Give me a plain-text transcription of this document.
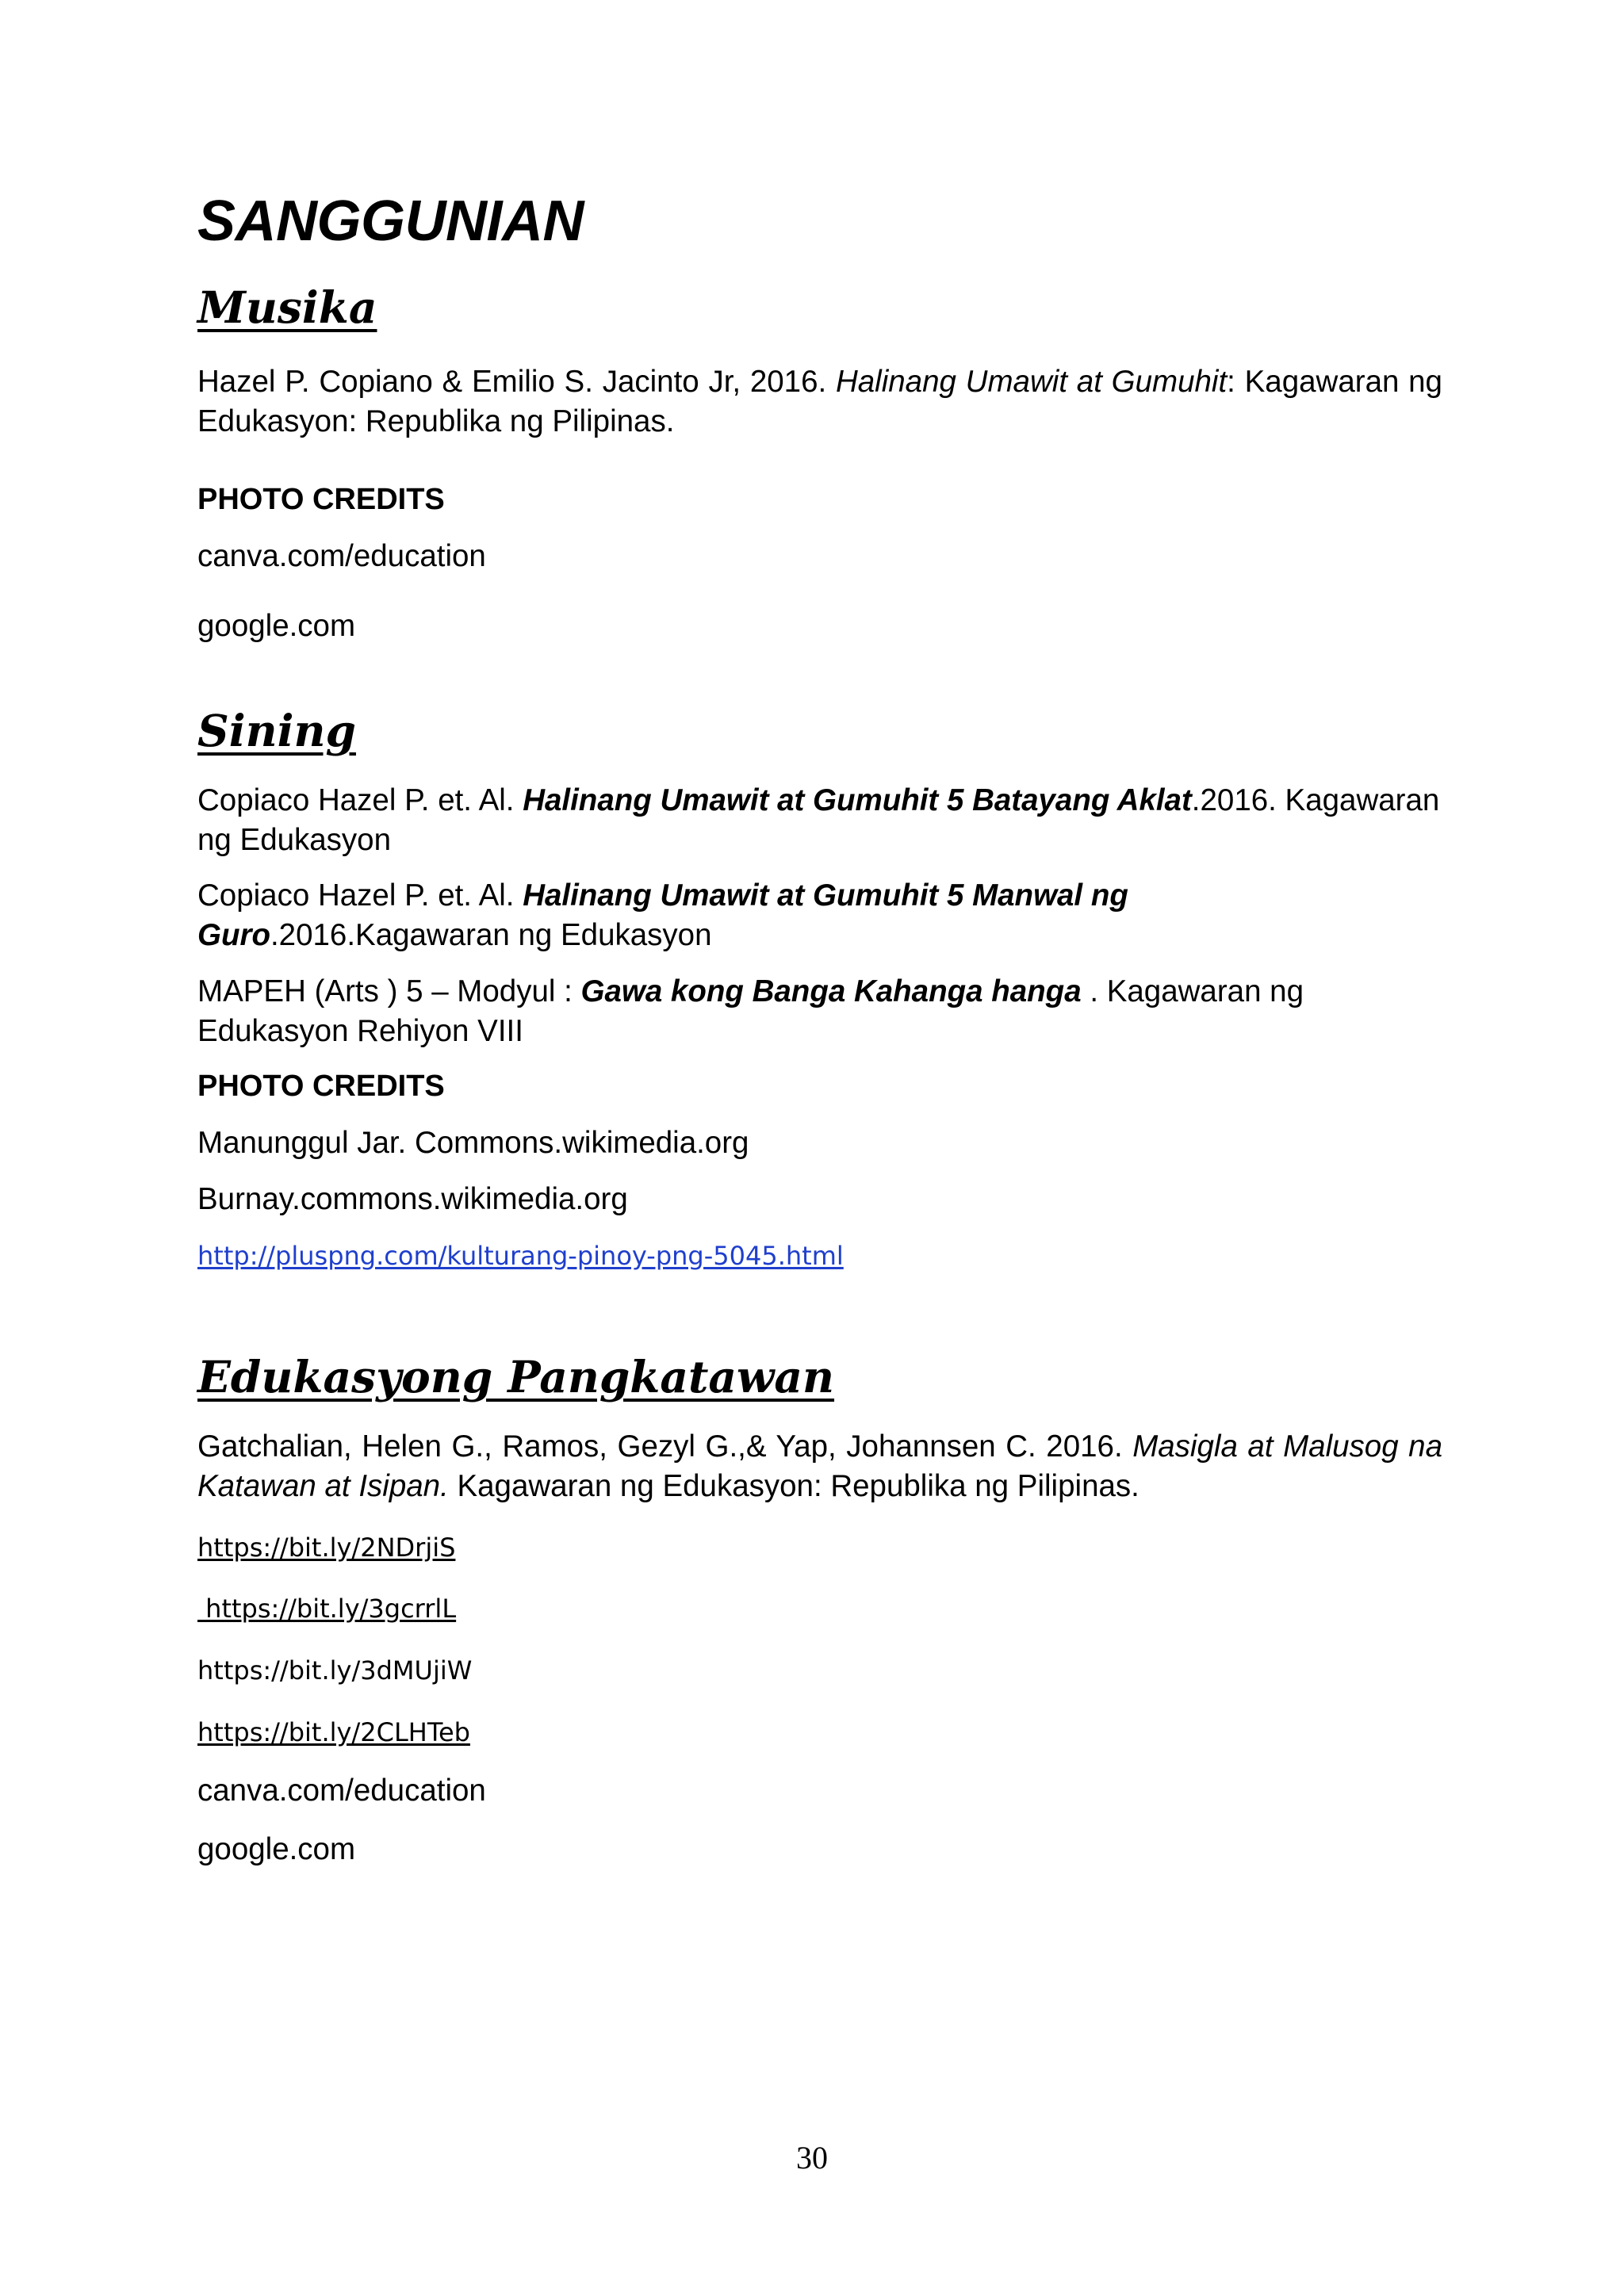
SANGGUNIAN
Musika

Hazel P. Copiano & Emilio S. Jacinto Jr, 2016. Halinang Umawit at Gumuhit: Kagawaran ng Edukasyon: Republika ng Pilipinas.

PHOTO CREDITS

canva.com/education

google.com

Sining

Copiaco Hazel P. et. Al. Halinang Umawit at Gumuhit 5 Batayang Aklat.2016. Kagawaran ng Edukasyon

Copiaco Hazel P. et. Al. Halinang Umawit at Gumuhit 5 Manwal ng Guro.2016.Kagawaran ng Edukasyon

MAPEH (Arts ) 5 – Modyul : Gawa kong Banga Kahanga hanga . Kagawaran ng Edukasyon Rehiyon VIII

PHOTO CREDITS

Manunggul Jar. Commons.wikimedia.org

Burnay.commons.wikimedia.org

http://pluspng.com/kulturang-pinoy-png-5045.html
Edukasyong Pangkatawan

Gatchalian, Helen G., Ramos, Gezyl G.,& Yap, Johannsen C. 2016. Masigla at Malusog na Katawan at Isipan. Kagawaran ng Edukasyon: Republika ng Pilipinas.

https://bit.ly/2NDrjiS
https://bit.ly/3gcrrlL
https://bit.ly/3dMUjiW
https://bit.ly/2CLHTeb

canva.com/education

google.com

30
